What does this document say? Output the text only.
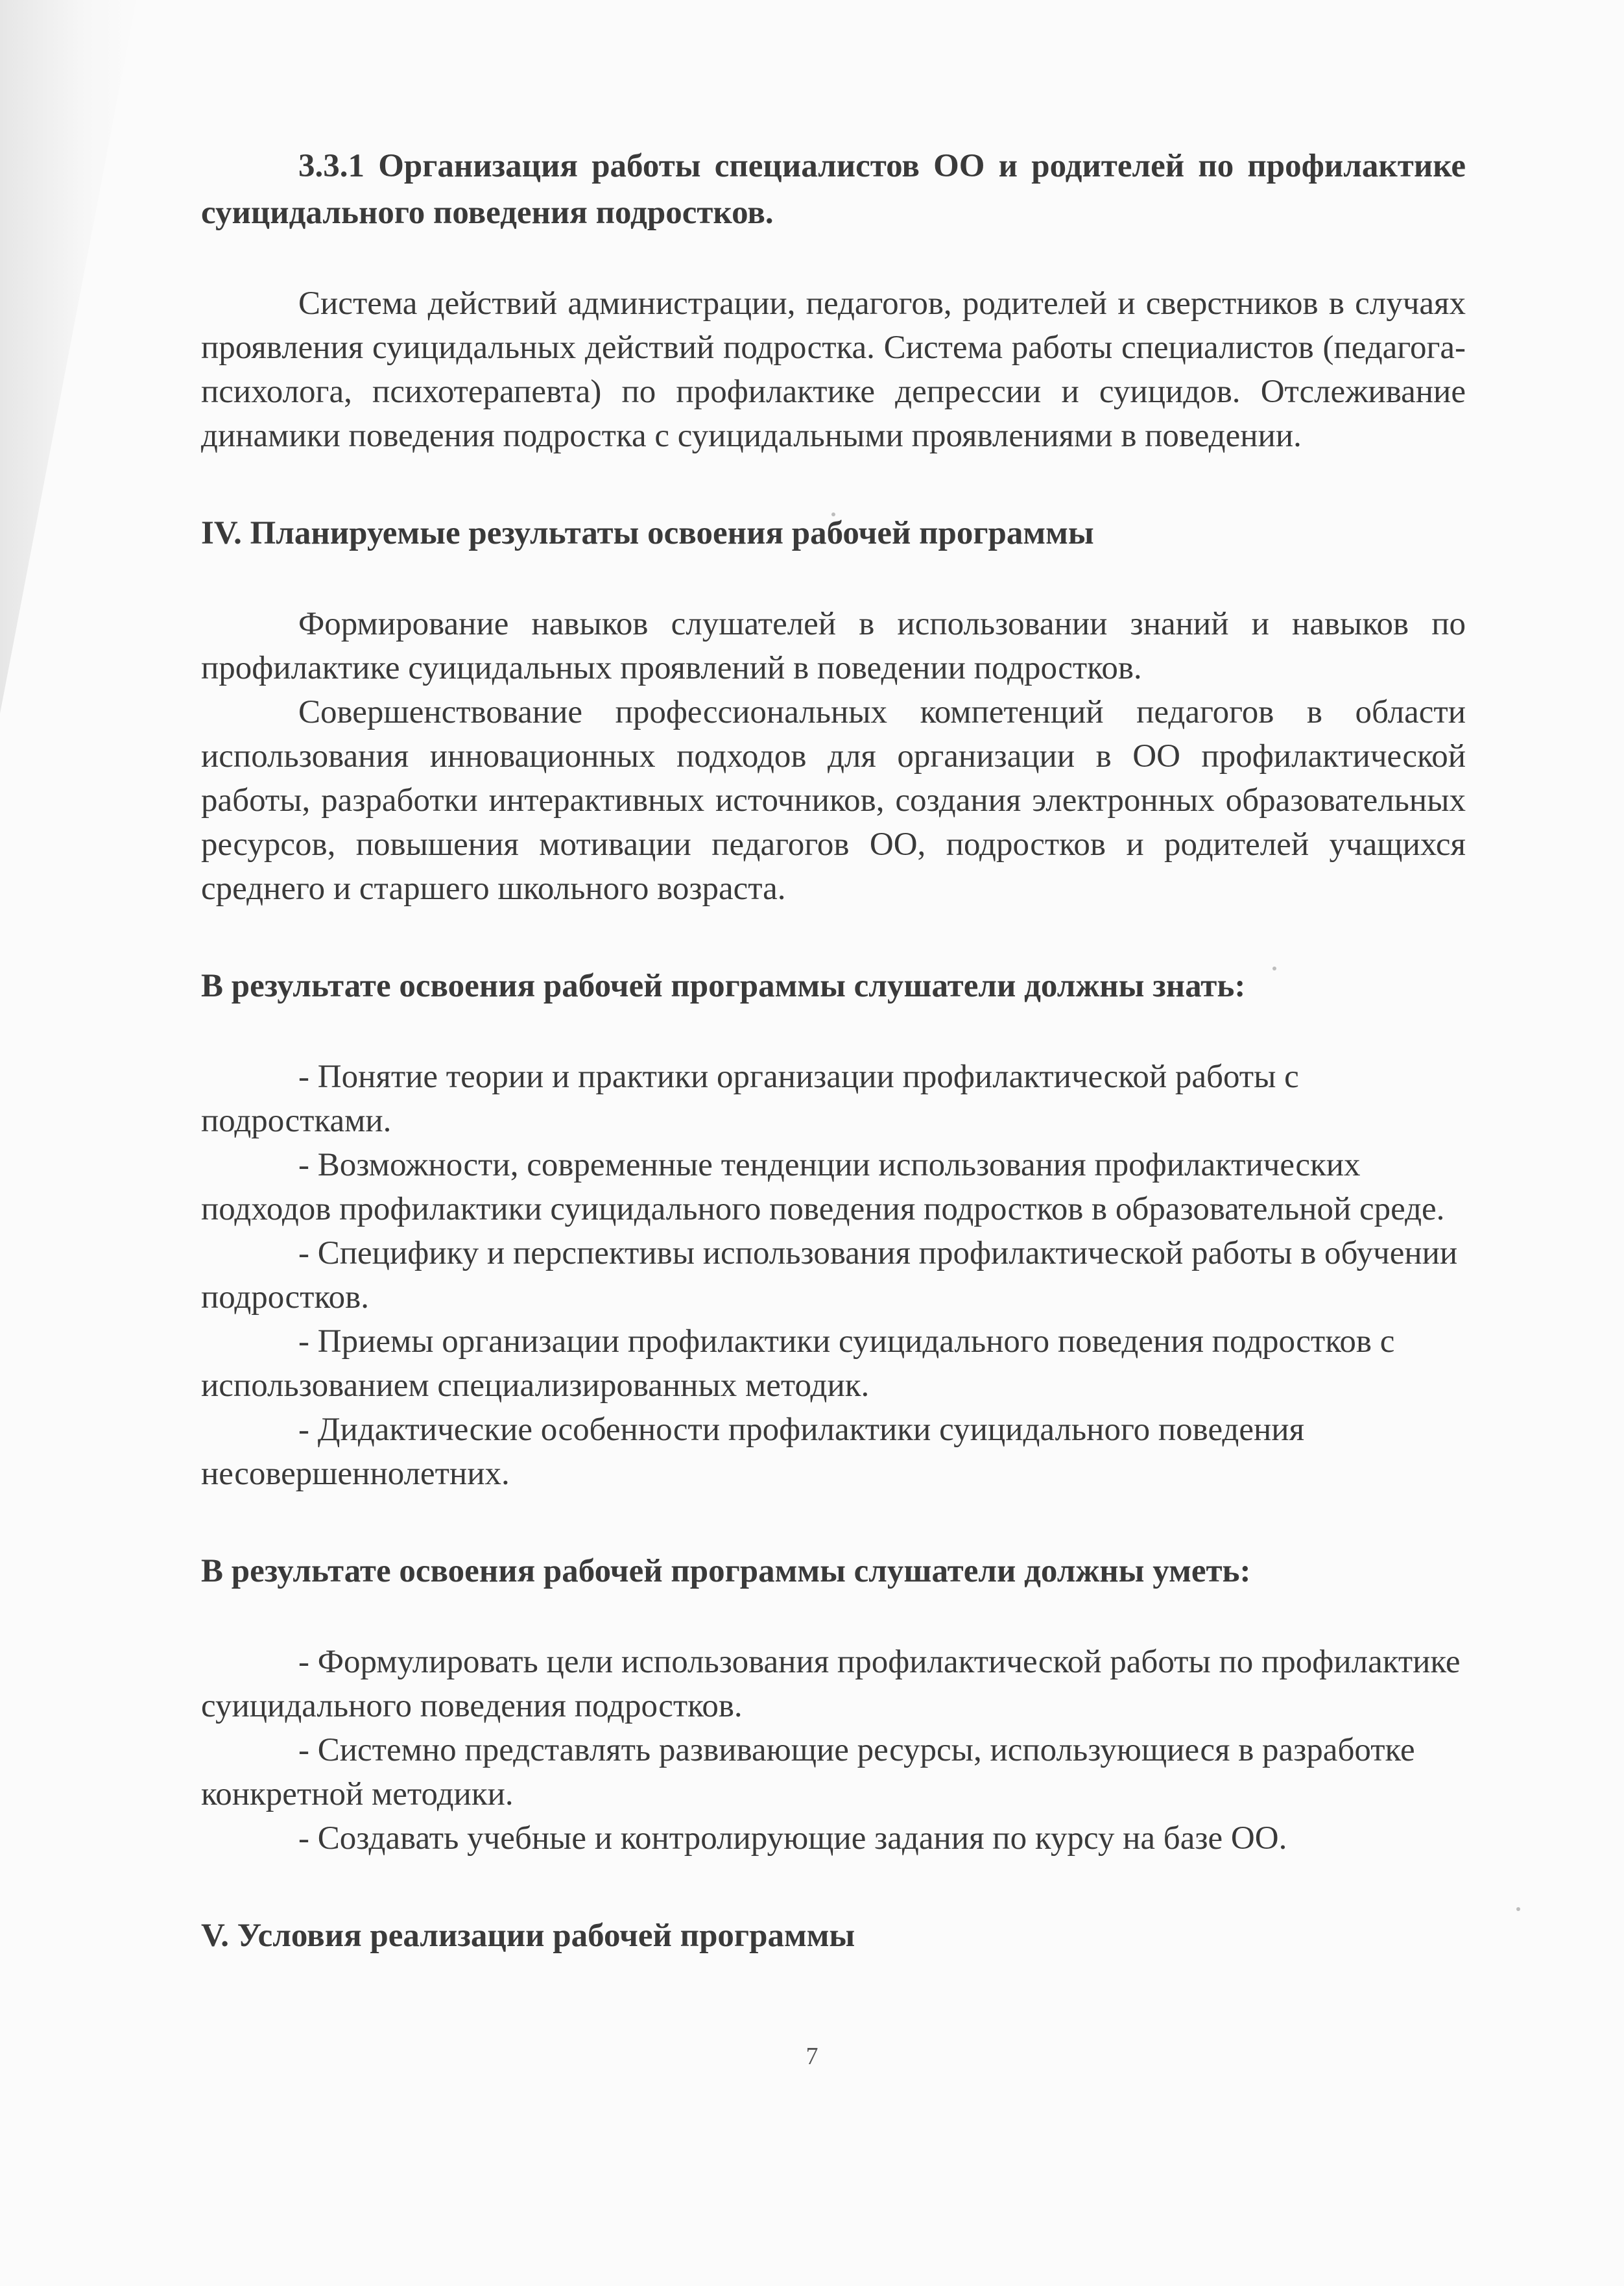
3.3.1 Организация работы специалистов ОО и родителей по профилактике суицидального поведения подростков.

Система действий администрации, педагогов, родителей и сверстников в случаях проявления суицидальных действий подростка. Система работы специалистов (педагога-психолога, психотерапевта) по профилактике депрессии и суицидов. Отслеживание динамики поведения подростка с суицидальными проявлениями в поведении.

IV. Планируемые результаты освоения рабочей программы

Формирование навыков слушателей в использовании знаний и навыков по профилактике суицидальных проявлений в поведении подростков.

Совершенствование профессиональных компетенций педагогов в области использования инновационных подходов для организации в ОО профилактической работы, разработки интерактивных источников, создания электронных образовательных ресурсов, повышения мотивации педагогов ОО, подростков и родителей учащихся среднего и старшего школьного возраста.

В результате освоения рабочей программы слушатели должны знать:

- Понятие теории и практики организации профилактической работы с подростками.

- Возможности, современные тенденции использования профилактических подходов профилактики суицидального поведения подростков в образовательной среде.

- Специфику и перспективы использования профилактической работы в обучении подростков.

- Приемы организации профилактики суицидального поведения подростков с использованием специализированных методик.

- Дидактические особенности профилактики суицидального поведения несовершеннолетних.

В результате освоения рабочей программы слушатели должны уметь:

- Формулировать цели использования профилактической работы по профилактике суицидального поведения подростков.

- Системно представлять развивающие ресурсы, использующиеся в разработке конкретной методики.

- Создавать учебные и контролирующие задания по курсу на базе ОО.

V. Условия реализации рабочей программы

7
